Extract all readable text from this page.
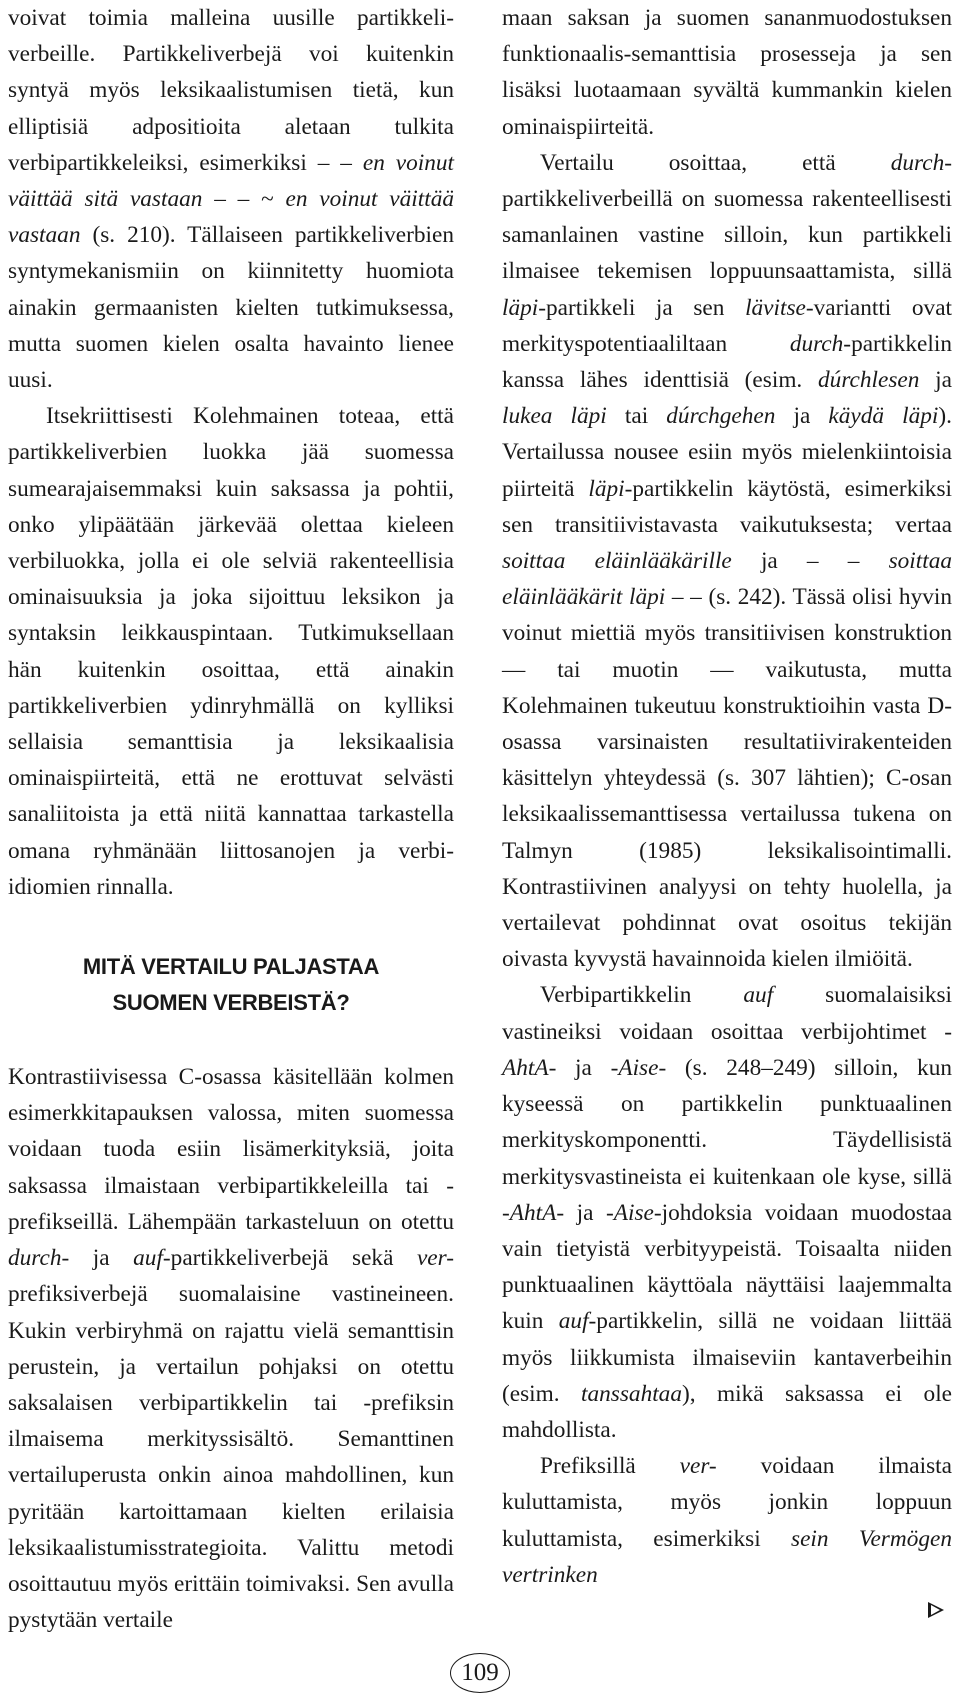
voivat toimia malleina uusille partikkeliverbeille. Partikkeliverbejä voi kuitenkin syntyä myös leksikaalistumisen tietä, kun elliptisiä adpositioita aletaan tulkita verbipartikkeleiksi, esimerkiksi – – en voinut väittää sitä vastaan – – ~ en voinut väittää vastaan (s. 210). Tällaiseen partikkeliverbien syntymekanismiin on kiinnitetty huomiota ainakin germaanisten kielten tutkimuksessa, mutta suomen kielen osalta havainto lienee uusi.

Itsekriittisesti Kolehmainen toteaa, että partikkeliverbien luokka jää suomessa sumearajaisemmaksi kuin saksassa ja pohtii, onko ylipäätään järkevää olettaa kieleen verbiluokka, jolla ei ole selviä rakenteellisia ominaisuuksia ja joka sijoittuu leksikon ja syntaksin leikkauspintaan. Tutkimuksellaan hän kuitenkin osoittaa, että ainakin partikkeliverbien ydinryhmällä on kylliksi sellaisia semanttisia ja leksikaalisia ominaispiirteitä, että ne erottuvat selvästi sanaliitoista ja että niitä kannattaa tarkastella omana ryhmänään liittosanojen ja verbiidiomien rinnalla.

MITÄ VERTAILU PALJASTAA
SUOMEN VERBEISTÄ?

Kontrastiivisessa C-osassa käsitellään kolmen esimerkkitapauksen valossa, miten suomessa voidaan tuoda esiin lisämerkityksiä, joita saksassa ilmaistaan verbipartikkeleilla tai -prefikseillä. Lähempään tarkasteluun on otettu durch- ja auf-partikkeliverbejä sekä ver-prefiksiverbejä suomalaisine vastineineen. Kukin verbiryhmä on rajattu vielä semanttisin perustein, ja vertailun pohjaksi on otettu saksalaisen verbipartikkelin tai -prefiksin ilmaisema merkityssisältö. Semanttinen vertailuperusta onkin ainoa mahdollinen, kun pyritään kartoittamaan kielten erilaisia leksikaalistumisstrategioita. Valittu metodi osoittautuu myös erittäin toimivaksi. Sen avulla pystytään vertaile

maan saksan ja suomen sananmuodostuksen funktionaalis-semanttisia prosesseja ja sen lisäksi luotaamaan syvältä kummankin kielen ominaispiirteitä.

Vertailu osoittaa, että durch-partikkeliverbeillä on suomessa rakenteellisesti samanlainen vastine silloin, kun partikkeli ilmaisee tekemisen loppuunsaattamista, sillä läpi-partikkeli ja sen lävitse-variantti ovat merkityspotentiaaliltaan	durch-partikkelin kanssa lähes identtisiä (esim. dúrchlesen ja lukea läpi tai dúrchgehen ja käydä läpi). Vertailussa nousee esiin myös mielenkiintoisia piirteitä läpi-partikkelin käytöstä, esimerkiksi sen transitiivistavasta vaikutuksesta; vertaa soittaa eläinlääkärille ja – – soittaa eläinlääkärit läpi – – (s. 242). Tässä olisi hyvin voinut miettiä myös transitiivisen konstruktion — tai muotin — vaikutusta, mutta Kolehmainen tukeutuu konstruktioihin vasta D-osassa varsinaisten resultatiivirakenteiden käsittelyn yhteydessä (s. 307 lähtien); C-osan leksikaalissemanttisessa vertailussa tukena on Talmyn (1985) leksikalisointimalli. Kontrastiivinen analyysi on tehty huolella, ja vertailevat pohdinnat ovat osoitus tekijän oivasta kyvystä havainnoida kielen ilmiöitä.

Verbipartikkelin auf suomalaisiksi vastineiksi voidaan osoittaa verbijohtimet -AhtA- ja -Aise- (s. 248–249) silloin, kun kyseessä on partikkelin punktuaalinen merkityskomponentti. Täydellisistä merkitysvastineista ei kuitenkaan ole kyse, sillä -AhtA- ja -Aise-johdoksia voidaan muodostaa vain tietyistä verbityypeistä. Toisaalta niiden punktuaalinen käyttöala näyttäisi laajemmalta kuin auf-partikkelin, sillä ne voidaan liittää myös liikkumista ilmaiseviin kantaverbeihin (esim. tanssahtaa), mikä saksassa ei ole mahdollista.

Prefiksillä ver- voidaan ilmaista kuluttamista, myös jonkin loppuun kuluttamista, esimerkiksi sein Vermögen vertrinken

109
